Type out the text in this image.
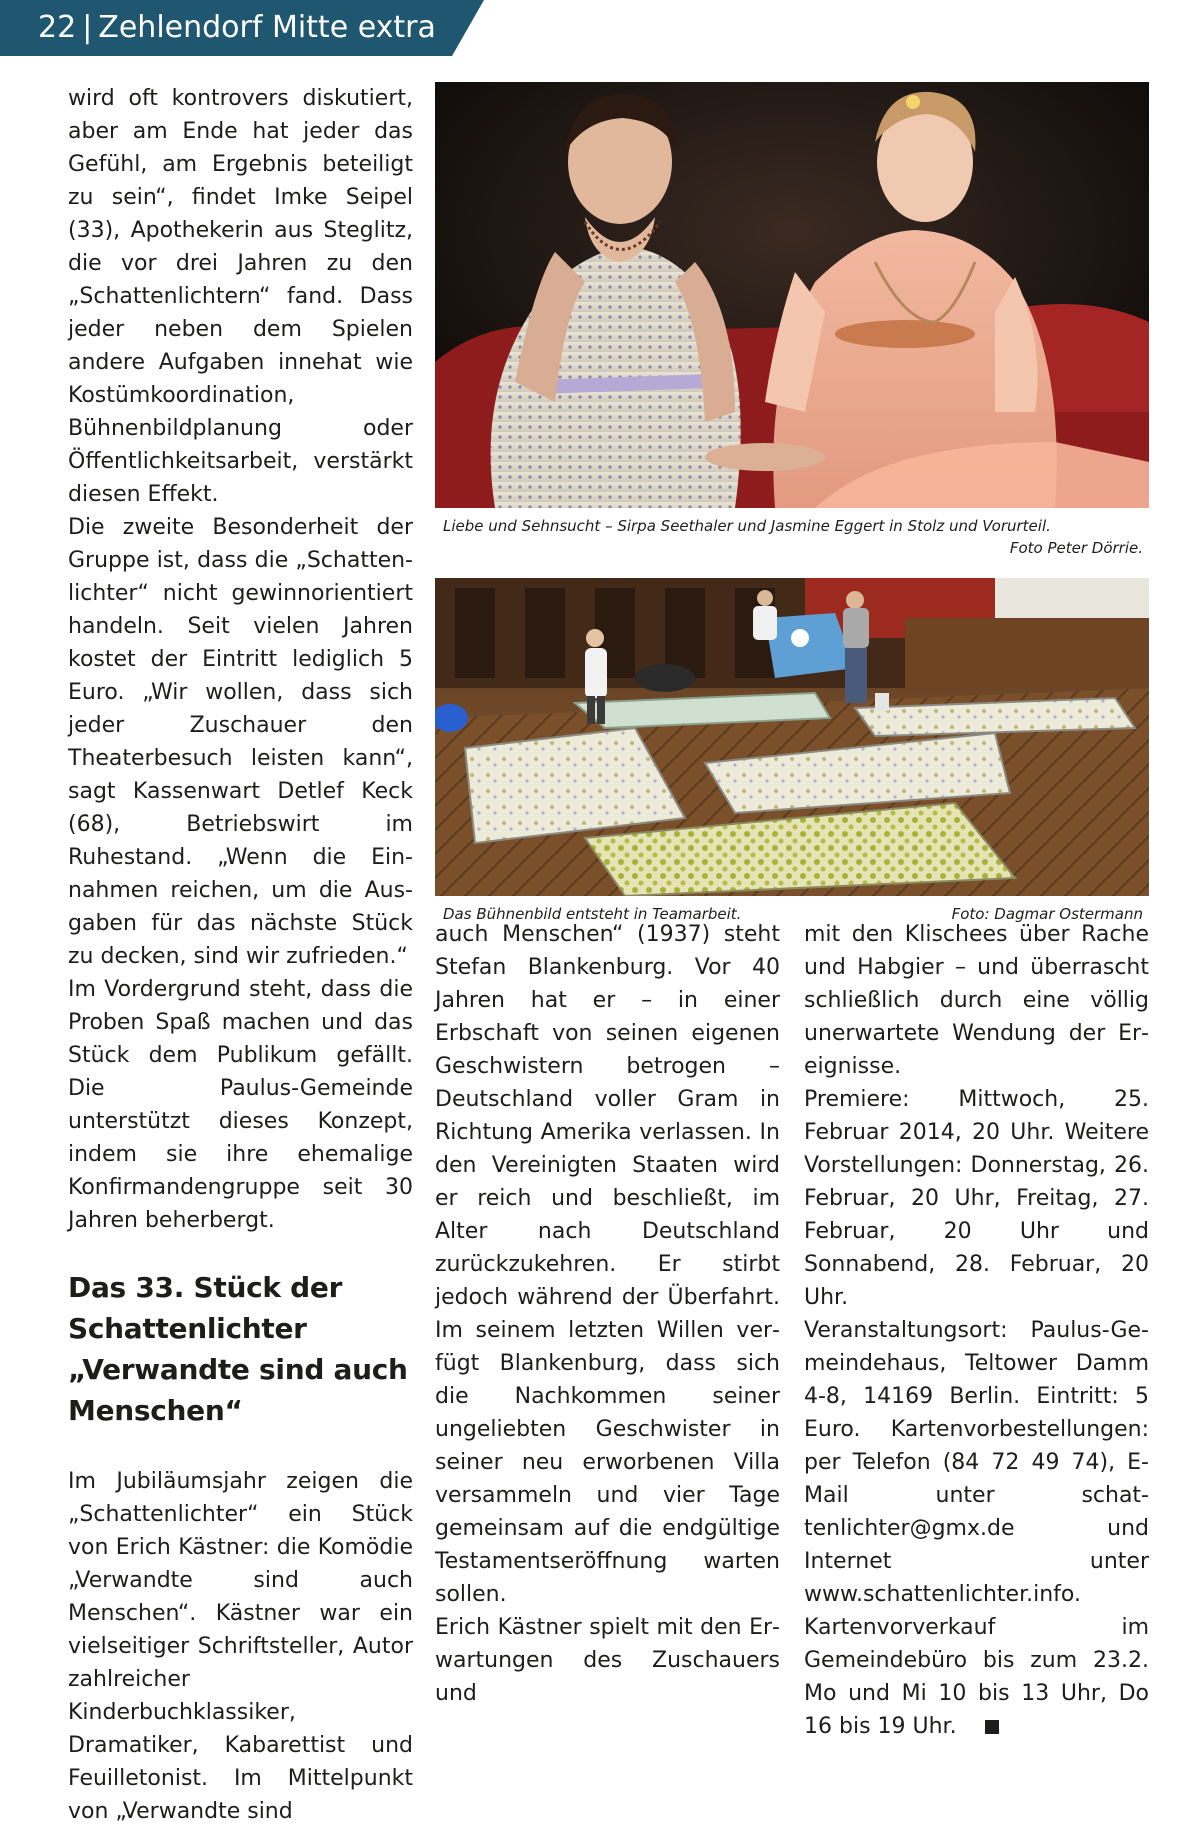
22 | Zehlendorf Mitte extra

wird oft kontrovers diskutiert, aber am Ende hat jeder das Gefühl, am Ergebnis beteiligt zu sein“, findet Imke Seipel (33), Apothekerin aus Steglitz, die vor drei Jahren zu den „Schattenlichtern“ fand. Dass jeder neben dem Spielen andere Aufgaben innehat wie Kostümkoordination, Bühnenbildplanung oder Öffentlichkeitsarbeit, verstärkt diesen Effekt.

Die zweite Besonderheit der Gruppe ist, dass die „Schattenlichter“ nicht gewinnorientiert handeln. Seit vielen Jahren kostet der Eintritt lediglich 5 Euro. „Wir wollen, dass sich jeder Zuschauer den Theaterbesuch leisten kann“, sagt Kassenwart Detlef Keck (68), Betriebswirt im Ruhestand. „Wenn die Einnahmen reichen, um die Ausgaben für das nächste Stück zu decken, sind wir zufrieden.“

Im Vordergrund steht, dass die Proben Spaß machen und das Stück dem Publikum gefällt. Die Paulus-Gemeinde unterstützt dieses Konzept, indem sie ihre ehemalige Konfirmandengruppe seit 30 Jahren beherbergt.

Das 33. Stück der Schattenlichter „Verwandte sind auch Menschen“

Im Jubiläumsjahr zeigen die „Schattenlichter“ ein Stück von Erich Kästner: die Komödie „Verwandte sind auch Menschen“. Kästner war ein vielseitiger Schriftsteller, Autor zahlreicher Kinderbuchklassiker, Dramatiker, Kabarettist und Feuilletonist. Im Mittelpunkt von „Verwandte sind

Liebe und Sehnsucht – Sirpa Seethaler und Jasmine Eggert in Stolz und Vorurteil.
Foto Peter Dörrie.
Das Bühnenbild entsteht in Teamarbeit.	Foto: Dagmar Ostermann

auch Menschen“ (1937) steht Stefan Blankenburg. Vor 40 Jahren hat er – in einer Erbschaft von seinen eigenen Geschwistern betrogen – Deutschland voller Gram in Richtung Amerika verlassen. In den Vereinigten Staaten wird er reich und beschließt, im Alter nach Deutschland zurückzukehren. Er stirbt jedoch während der Überfahrt. Im seinem letzten Willen verfügt Blankenburg, dass sich die Nachkommen seiner ungeliebten Geschwister in seiner neu erworbenen Villa versammeln und vier Tage gemeinsam auf die endgültige Testamentseröffnung warten sollen.

Erich Kästner spielt mit den Erwartungen des Zuschauers und

mit den Klischees über Rache und Habgier – und überrascht schließlich durch eine völlig unerwartete Wendung der Ereignisse.

Premiere: Mittwoch, 25. Februar 2014, 20 Uhr. Weitere Vorstellungen: Donnerstag, 26. Februar, 20 Uhr, Freitag, 27. Februar, 20 Uhr und Sonnabend, 28. Februar, 20 Uhr.

Veranstaltungsort: Paulus-Gemeindehaus, Teltower Damm 4-8, 14169 Berlin. Eintritt: 5 Euro. Kartenvorbestellungen: per Telefon (84 72 49 74), E-Mail unter schattenlichter@gmx.de und Internet unter www.schattenlichter.info. Kartenvorverkauf im Gemeindebüro bis zum 23.2. Mo und Mi 10 bis 13 Uhr, Do 16 bis 19 Uhr.
